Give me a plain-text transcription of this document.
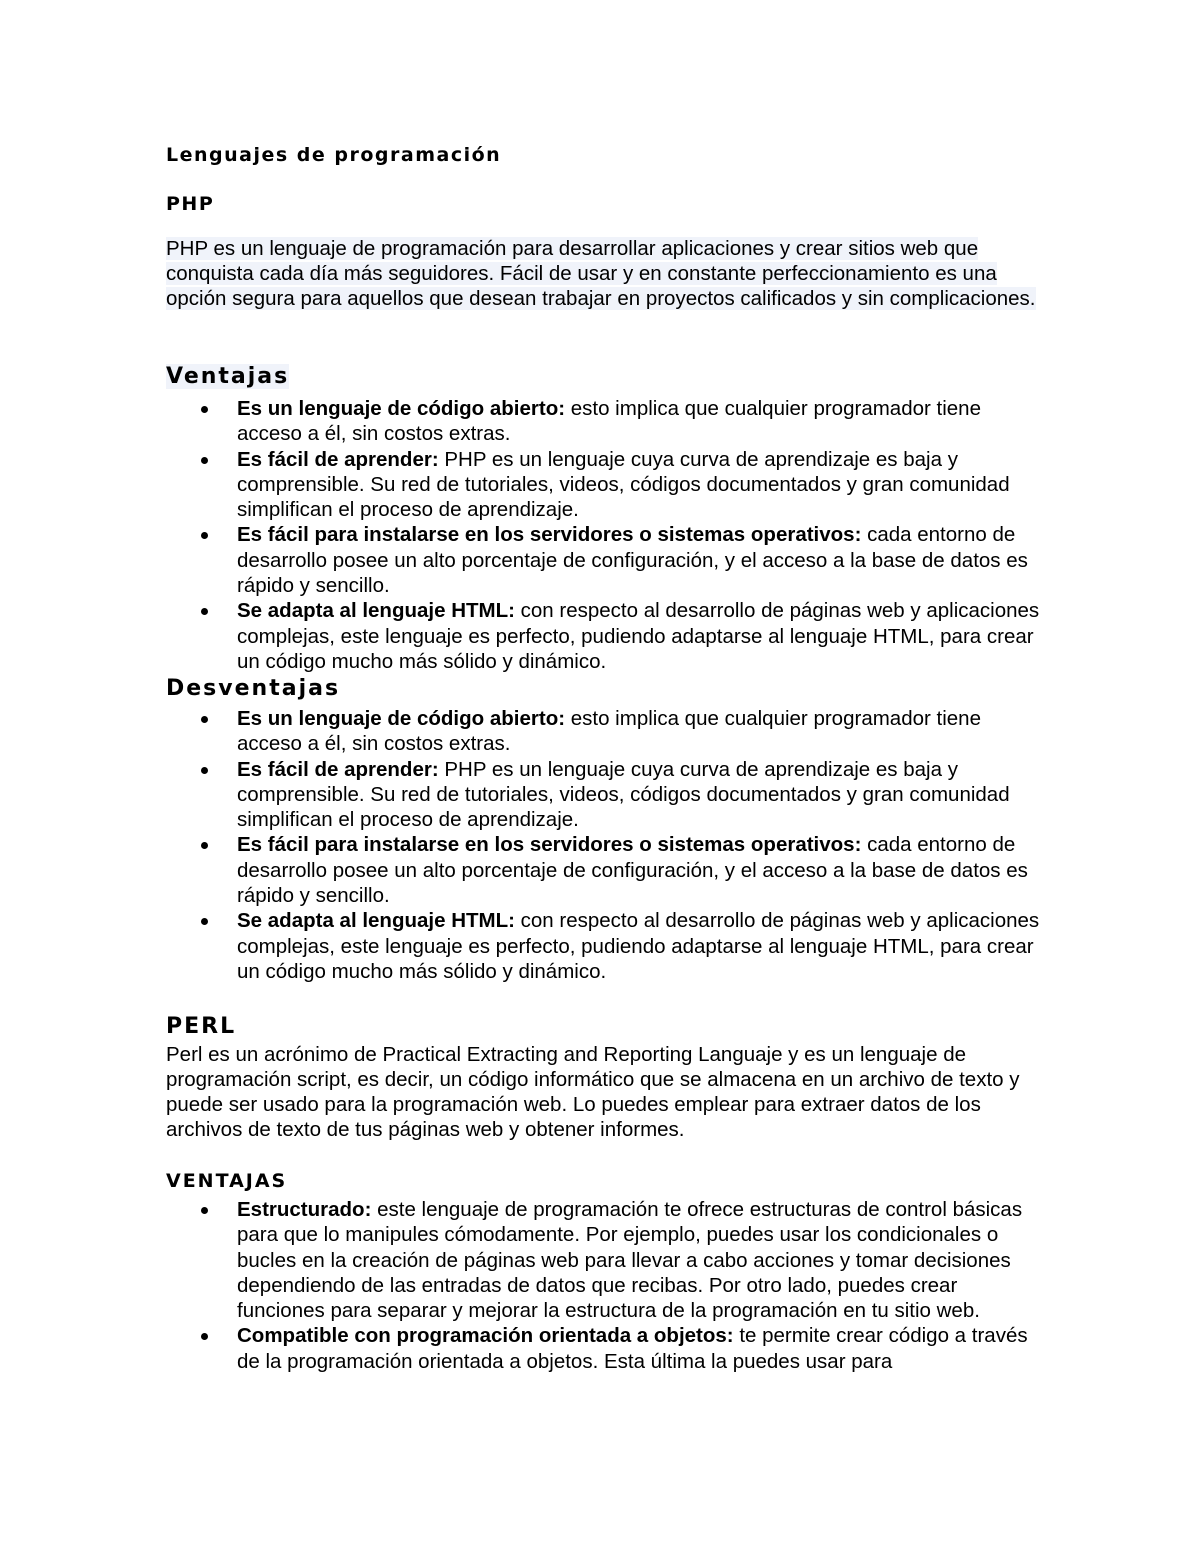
Lenguajes de programación
PHP

PHP es un lenguaje de programación para desarrollar aplicaciones y crear sitios web que conquista cada día más seguidores. Fácil de usar y en constante perfeccionamiento es una opción segura para aquellos que desean trabajar en proyectos calificados y sin complicaciones.

Ventajas
Es un lenguaje de código abierto: esto implica que cualquier programador tiene acceso a él, sin costos extras.
Es fácil de aprender: PHP es un lenguaje cuya curva de aprendizaje es baja y comprensible. Su red de tutoriales, videos, códigos documentados y gran comunidad simplifican el proceso de aprendizaje.
Es fácil para instalarse en los servidores o sistemas operativos: cada entorno de desarrollo posee un alto porcentaje de configuración, y el acceso a la base de datos es rápido y sencillo.
Se adapta al lenguaje HTML: con respecto al desarrollo de páginas web y aplicaciones complejas, este lenguaje es perfecto, pudiendo adaptarse al lenguaje HTML, para crear un código mucho más sólido y dinámico.
Desventajas
Es un lenguaje de código abierto: esto implica que cualquier programador tiene acceso a él, sin costos extras.
Es fácil de aprender: PHP es un lenguaje cuya curva de aprendizaje es baja y comprensible. Su red de tutoriales, videos, códigos documentados y gran comunidad simplifican el proceso de aprendizaje.
Es fácil para instalarse en los servidores o sistemas operativos: cada entorno de desarrollo posee un alto porcentaje de configuración, y el acceso a la base de datos es rápido y sencillo.
Se adapta al lenguaje HTML: con respecto al desarrollo de páginas web y aplicaciones complejas, este lenguaje es perfecto, pudiendo adaptarse al lenguaje HTML, para crear un código mucho más sólido y dinámico.
PERL

Perl es un acrónimo de Practical Extracting and Reporting Languaje y es un lenguaje de programación script, es decir, un código informático que se almacena en un archivo de texto y puede ser usado para la programación web. Lo puedes emplear para extraer datos de los archivos de texto de tus páginas web y obtener informes.

VENTAJAS
Estructurado: este lenguaje de programación te ofrece estructuras de control básicas para que lo manipules cómodamente. Por ejemplo, puedes usar los condicionales o bucles en la creación de páginas web para llevar a cabo acciones y tomar decisiones dependiendo de las entradas de datos que recibas. Por otro lado, puedes crear funciones para separar y mejorar la estructura de la programación en tu sitio web.
Compatible con programación orientada a objetos: te permite crear código a través de la programación orientada a objetos. Esta última la puedes usar para
